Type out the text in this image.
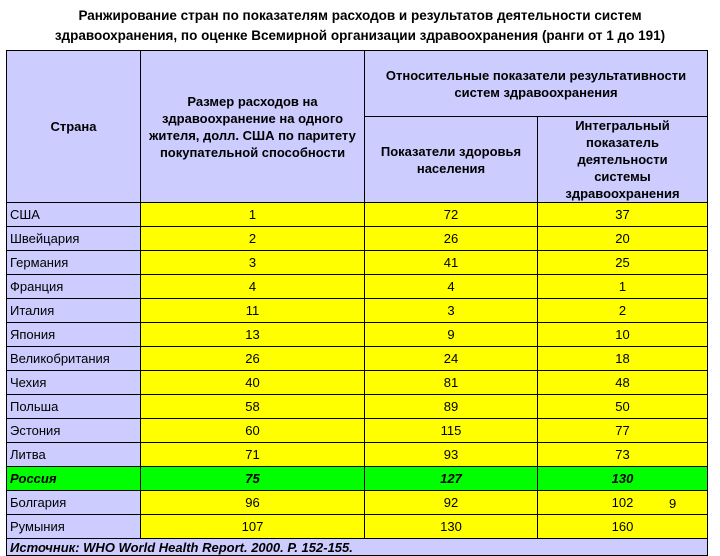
Ранжирование стран по показателям расходов и результатов деятельности систем
здравоохранения, по оценке Всемирной организации здравоохранения (ранги от 1 до 191)
Страна	Размер расходов на здравоохранение на одного жителя, долл. США по паритету покупательной способности	Относительные показатели результативности систем здравоохранения	
		Показатели здоровья населения	Интегральный показатель деятельности системы здравоохранения
США	1	72	37
Швейцария	2	26	20
Германия	3	41	25
Франция	4	4	1
Италия	11	3	2
Япония	13	9	10
Великобритания	26	24	18
Чехия	40	81	48
Польша	58	89	50
Эстония	60	115	77
Литва	71	93	73
Россия	75	127	130
Болгария	96	92	102
Румыния	107	130	160
Источник: WHO World Health Report. 2000. P. 152-155.			
9
